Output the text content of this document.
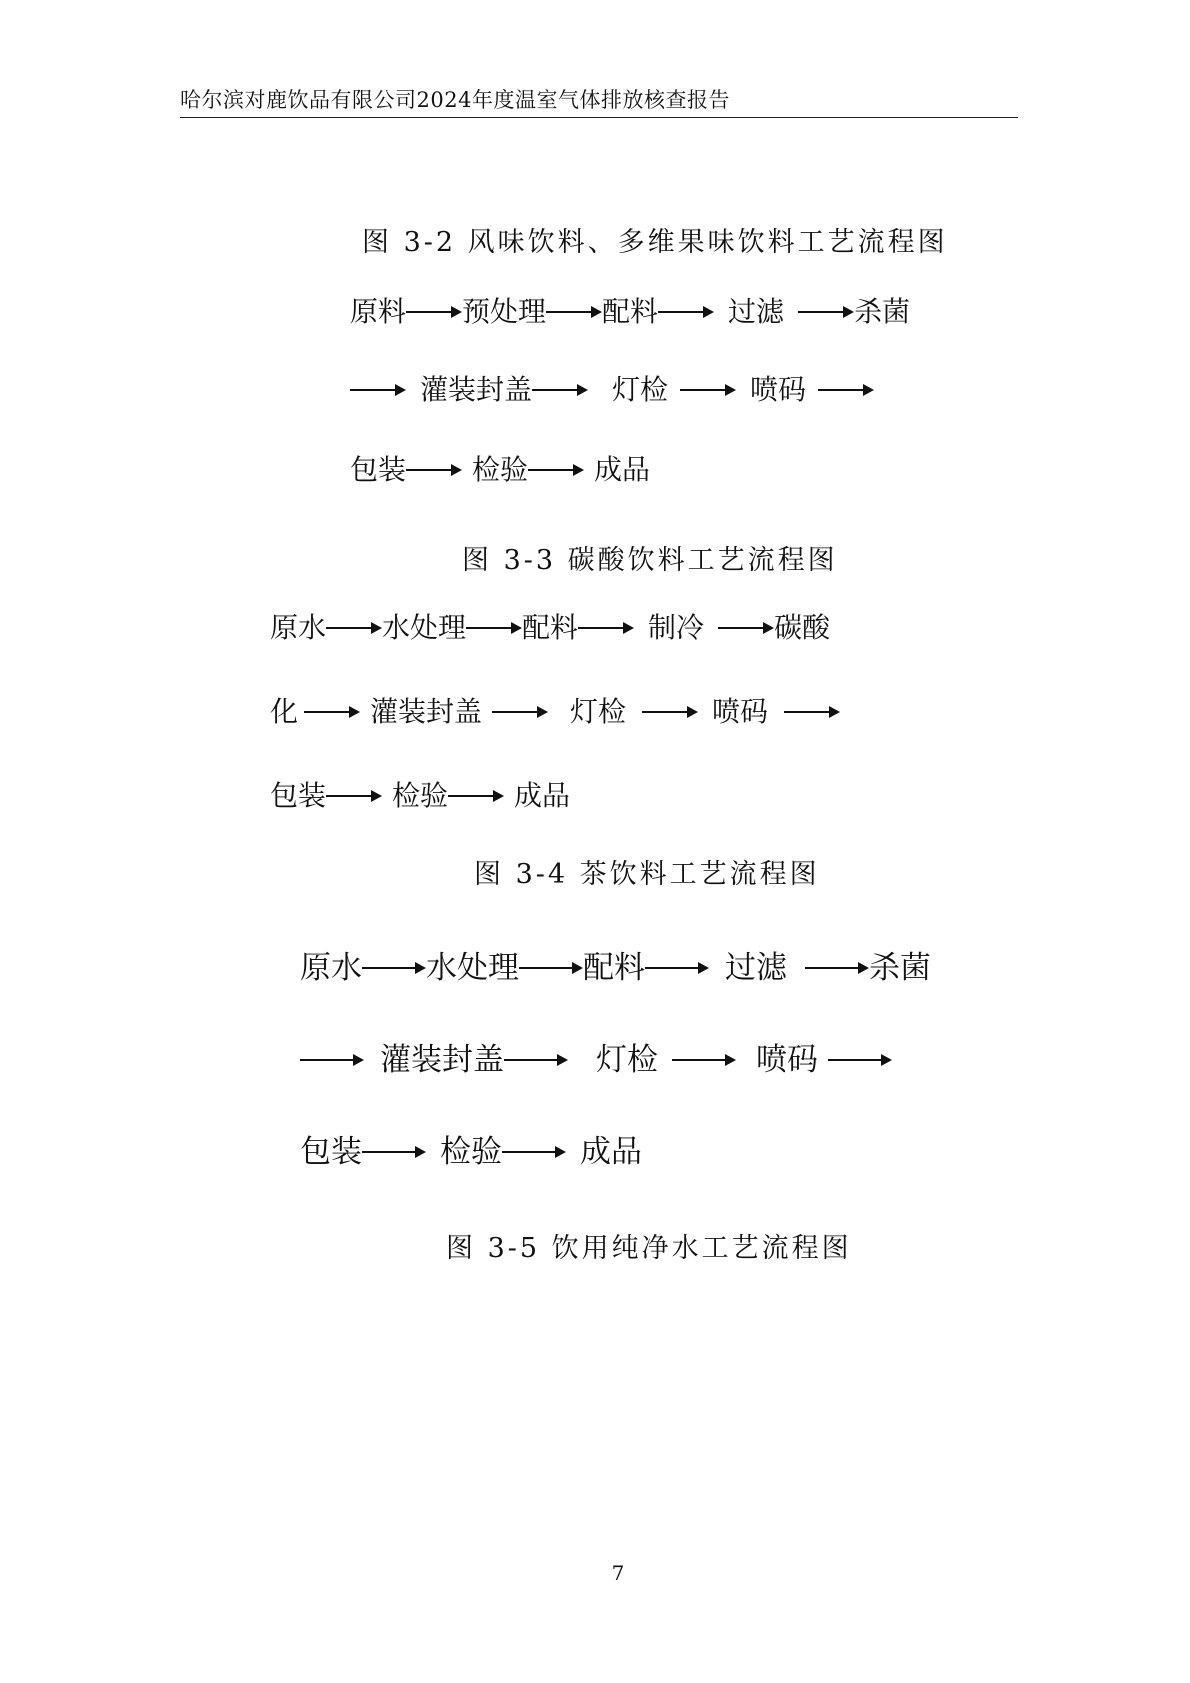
哈尔滨对鹿饮品有限公司2024年度温室气体排放核查报告
图 3-2 风味饮料、多维果味饮料工艺流程图
原料 预处理 配料	过滤	杀菌
灌装封盖	灯检	喷码
包装 检验 成品
图 3-3 碳酸饮料工艺流程图
原水 水处理 配料	制冷	碳酸
化	灌装封盖	灯检	喷码
包装 检验 成品
图 3-4 茶饮料工艺流程图
原水 水处理 配料	过滤	杀菌
灌装封盖	灯检	喷码
包装	检验	成品
图 3-5 饮用纯净水工艺流程图
7
